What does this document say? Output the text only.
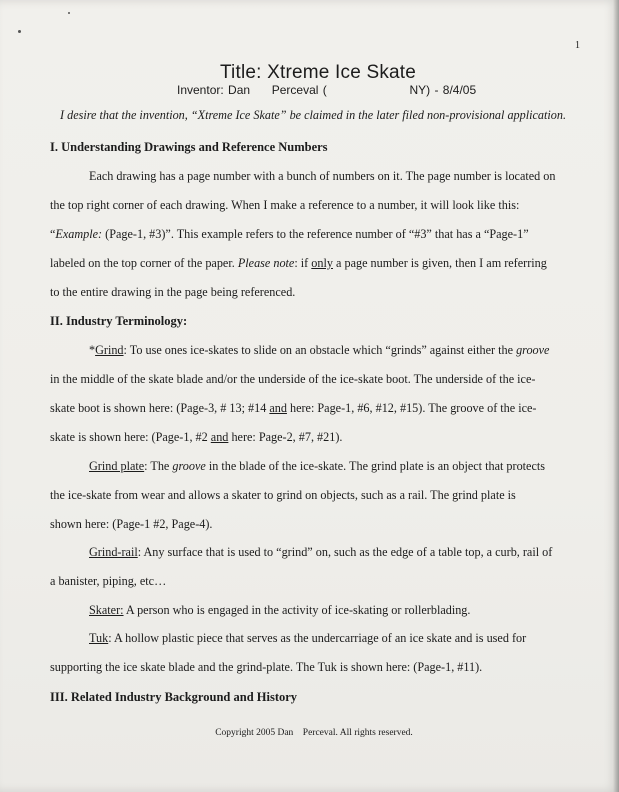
1
Title: Xtreme Ice Skate
Inventor: Dan Perceval (	NY) - 8/4/05
I desire that the invention, “Xtreme Ice Skate” be claimed in the later filed non-provisional application.
I. Understanding Drawings and Reference Numbers
Each drawing has a page number with a bunch of numbers on it. The page number is located on
the top right corner of each drawing. When I make a reference to a number, it will look like this:
“Example: (Page-1, #3)”. This example refers to the reference number of “#3” that has a “Page-1”
labeled on the top corner of the paper. Please note: if only a page number is given, then I am referring
to the entire drawing in the page being referenced.
II. Industry Terminology:
*Grind: To use ones ice-skates to slide on an obstacle which “grinds” against either the groove
in the middle of the skate blade and/or the underside of the ice-skate boot. The underside of the ice-
skate boot is shown here: (Page-3, # 13; #14 and here: Page-1, #6, #12, #15). The groove of the ice-
skate is shown here: (Page-1, #2 and here: Page-2, #7, #21).
Grind plate: The groove in the blade of the ice-skate. The grind plate is an object that protects
the ice-skate from wear and allows a skater to grind on objects, such as a rail. The grind plate is
shown here: (Page-1 #2, Page-4).
Grind-rail: Any surface that is used to “grind” on, such as the edge of a table top, a curb, rail of
a banister, piping, etc…
Skater: A person who is engaged in the activity of ice-skating or rollerblading.
Tuk: A hollow plastic piece that serves as the undercarriage of an ice skate and is used for
supporting the ice skate blade and the grind-plate. The Tuk is shown here: (Page-1, #11).
III. Related Industry Background and History
Copyright 2005 Dan Perceval. All rights reserved.
